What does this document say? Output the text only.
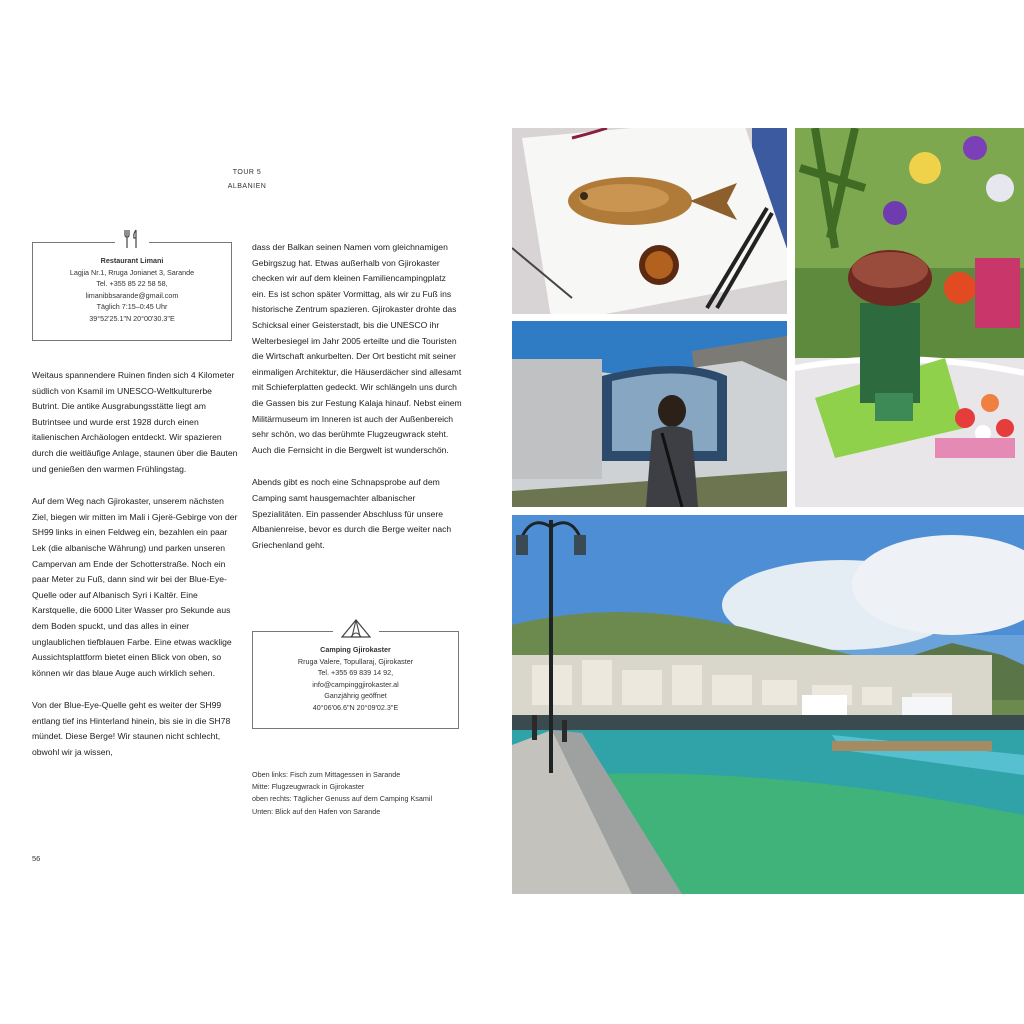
TOUR 5
ALBANIEN
Restaurant Limani
Lagjia Nr.1, Rruga Jonianet 3, Sarande
Tel. +355 85 22 58 58,
limanibbsarande@gmail.com
Täglich 7:15–0:45 Uhr
39°52'25.1"N 20°00'30.3"E

Weitaus spannendere Ruinen finden sich 4 Kilometer südlich von Ksamil im UNESCO-Weltkulturerbe Butrint. Die antike Ausgrabungsstätte liegt am Butrintsee und wurde erst 1928 durch einen italienischen Archäologen entdeckt. Wir spazieren durch die weitläufige Anlage, staunen über die Bauten und genießen den warmen Frühlingstag.

Auf dem Weg nach Gjirokaster, unserem nächsten Ziel, biegen wir mitten im Mali i Gjerë-Gebirge von der SH99 links in einen Feldweg ein, bezahlen ein paar Lek (die albanische Währung) und parken unseren Campervan am Ende der Schotterstraße. Noch ein paar Meter zu Fuß, dann sind wir bei der Blue-Eye-Quelle oder auf Albanisch Syri i Kaltër. Eine Karstquelle, die 6000 Liter Wasser pro Sekunde aus dem Boden spuckt, und das alles in einer unglaublichen tiefblauen Farbe. Eine etwas wacklige Aussichtsplattform bietet einen Blick von oben, so können wir das blaue Auge auch wirklich sehen.

Von der Blue-Eye-Quelle geht es weiter der SH99 entlang tief ins Hinterland hinein, bis sie in die SH78 mündet. Diese Berge! Wir staunen nicht schlecht, obwohl wir ja wissen,

dass der Balkan seinen Namen vom gleichnamigen Gebirgszug hat. Etwas außerhalb von Gjirokaster checken wir auf dem kleinen Familiencampingplatz ein. Es ist schon später Vormittag, als wir zu Fuß ins historische Zentrum spazieren. Gjirokaster drohte das Schicksal einer Geisterstadt, bis die UNESCO ihr Welterbesiegel im Jahr 2005 erteilte und die Touristen die Wirtschaft ankurbelten. Der Ort besticht mit seiner einmaligen Architektur, die Häuserdächer sind allesamt mit Schieferplatten gedeckt. Wir schlängeln uns durch die Gassen bis zur Festung Kalaja hinauf. Nebst einem Militärmuseum im Inneren ist auch der Außenbereich sehr schön, wo das berühmte Flugzeugwrack steht. Auch die Fernsicht in die Bergwelt ist wunderschön.

Abends gibt es noch eine Schnapsprobe auf dem Camping samt hausgemachter albanischer Spezialitäten. Ein passender Abschluss für unsere Albanienreise, bevor es durch die Berge weiter nach Griechenland geht.

Camping Gjirokaster
Rruga Valere, Topullaraj, Gjirokaster
Tel. +355 69 839 14 92,
info@campinggjirokaster.al
Ganzjährig geöffnet
40°06'06.6"N 20°09'02.3"E
Oben links: Fisch zum Mittagessen in Sarande
Mitte: Flugzeugwrack in Gjirokaster
oben rechts: Täglicher Genuss auf dem Camping Ksamil
Unten: Blick auf den Hafen von Sarande
56
